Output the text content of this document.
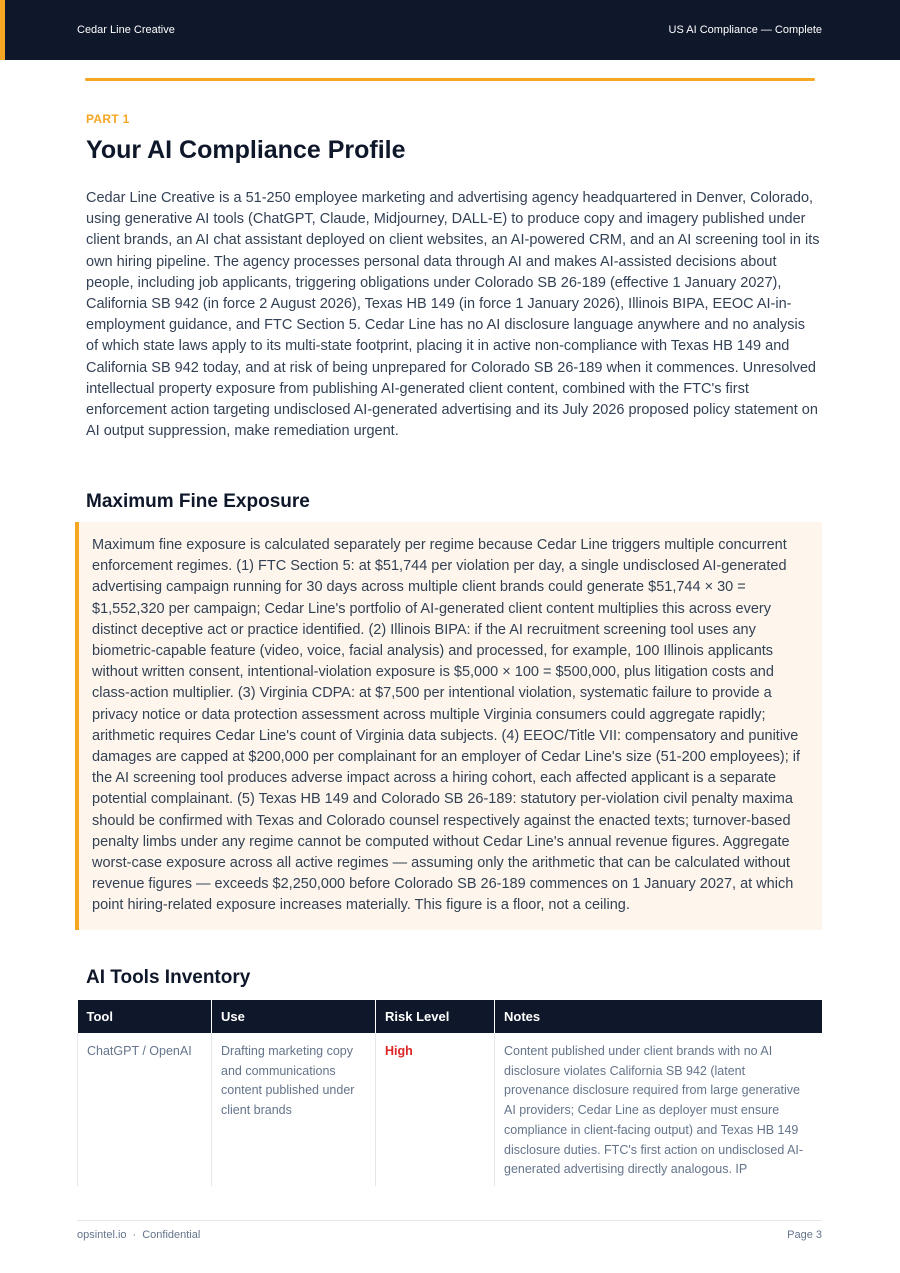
Cedar Line Creative	US AI Compliance — Complete
PART 1
Your AI Compliance Profile

Cedar Line Creative is a 51-250 employee marketing and advertising agency headquartered in Denver, Colorado, using generative AI tools (ChatGPT, Claude, Midjourney, DALL-E) to produce copy and imagery published under client brands, an AI chat assistant deployed on client websites, an AI-powered CRM, and an AI screening tool in its own hiring pipeline. The agency processes personal data through AI and makes AI-assisted decisions about people, including job applicants, triggering obligations under Colorado SB 26-189 (effective 1 January 2027), California SB 942 (in force 2 August 2026), Texas HB 149 (in force 1 January 2026), Illinois BIPA, EEOC AI-in-employment guidance, and FTC Section 5. Cedar Line has no AI disclosure language anywhere and no analysis of which state laws apply to its multi-state footprint, placing it in active non-compliance with Texas HB 149 and California SB 942 today, and at risk of being unprepared for Colorado SB 26-189 when it commences. Unresolved intellectual property exposure from publishing AI-generated client content, combined with the FTC's first enforcement action targeting undisclosed AI-generated advertising and its July 2026 proposed policy statement on AI output suppression, make remediation urgent.

Maximum Fine Exposure

Maximum fine exposure is calculated separately per regime because Cedar Line triggers multiple concurrent enforcement regimes. (1) FTC Section 5: at $51,744 per violation per day, a single undisclosed AI-generated advertising campaign running for 30 days across multiple client brands could generate $51,744 × 30 = $1,552,320 per campaign; Cedar Line's portfolio of AI-generated client content multiplies this across every distinct deceptive act or practice identified. (2) Illinois BIPA: if the AI recruitment screening tool uses any biometric-capable feature (video, voice, facial analysis) and processed, for example, 100 Illinois applicants without written consent, intentional-violation exposure is $5,000 × 100 = $500,000, plus litigation costs and class-action multiplier. (3) Virginia CDPA: at $7,500 per intentional violation, systematic failure to provide a privacy notice or data protection assessment across multiple Virginia consumers could aggregate rapidly; arithmetic requires Cedar Line's count of Virginia data subjects. (4) EEOC/Title VII: compensatory and punitive damages are capped at $200,000 per complainant for an employer of Cedar Line's size (51-200 employees); if the AI screening tool produces adverse impact across a hiring cohort, each affected applicant is a separate potential complainant. (5) Texas HB 149 and Colorado SB 26-189: statutory per-violation civil penalty maxima should be confirmed with Texas and Colorado counsel respectively against the enacted texts; turnover-based penalty limbs under any regime cannot be computed without Cedar Line's annual revenue figures. Aggregate worst-case exposure across all active regimes — assuming only the arithmetic that can be calculated without revenue figures — exceeds $2,250,000 before Colorado SB 26-189 commences on 1 January 2027, at which point hiring-related exposure increases materially. This figure is a floor, not a ceiling.

AI Tools Inventory
Tool	Use	Risk Level	Notes
ChatGPT / OpenAI	Drafting marketing copy and communications content published under client brands	High	Content published under client brands with no AI disclosure violates California SB 942 (latent provenance disclosure required from large generative AI providers; Cedar Line as deployer must ensure compliance in client-facing output) and Texas HB 149 disclosure duties. FTC's first action on undisclosed AI-generated advertising directly analogous. IP
opsintel.io · Confidential	Page 3
